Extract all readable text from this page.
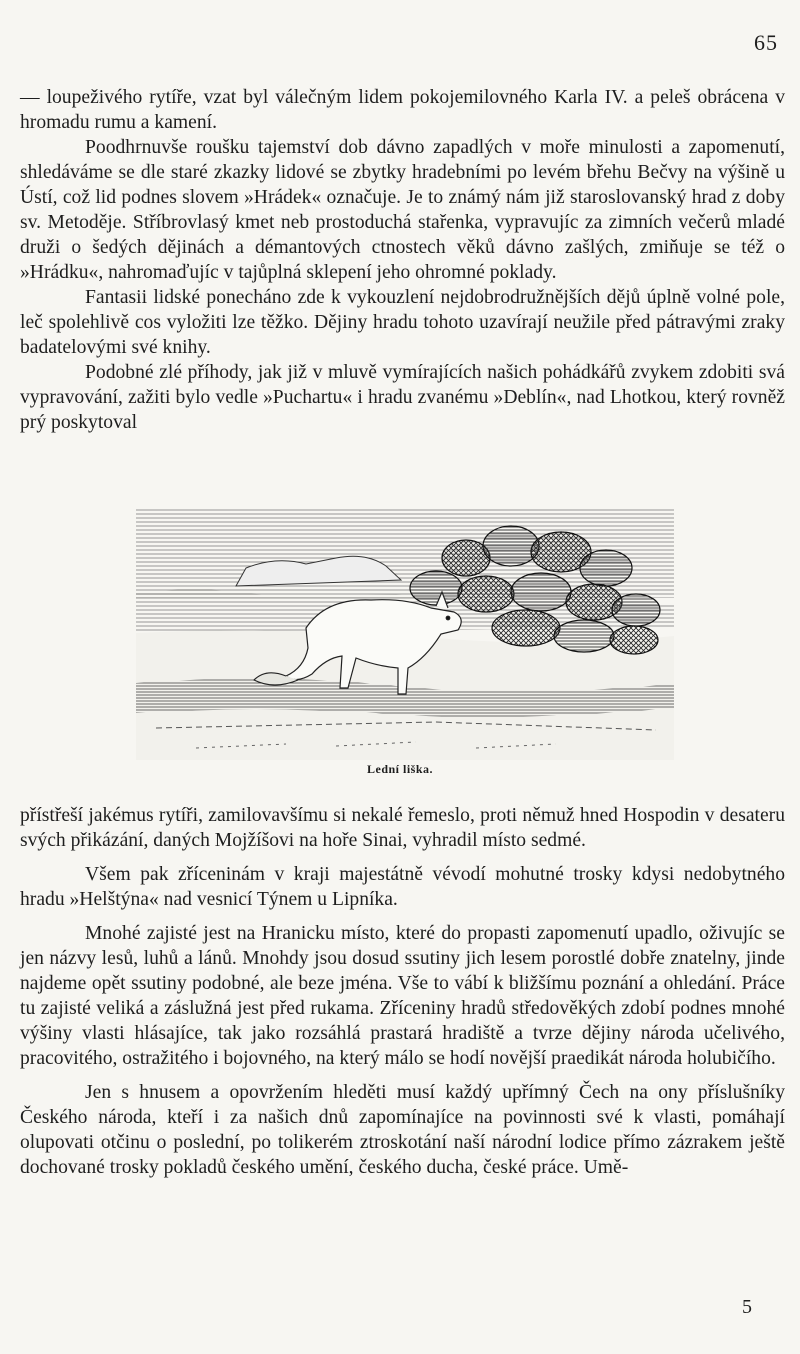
65

— loupeživého rytíře, vzat byl válečným lidem pokojemilovného Karla IV. a peleš obrácena v hromadu rumu a kamení.

Poodhrnuvše roušku tajemství dob dávno zapadlých v moře minulosti a zapomenutí, shledáváme se dle staré zkazky lidové se zbytky hradebními po levém břehu Bečvy na výšině u Ústí, což lid podnes slovem »Hrádek« označuje. Je to známý nám již staroslovanský hrad z doby sv. Metoděje. Stříbrovlasý kmet neb prostoduchá stařenka, vypravujíc za zimních večerů mladé druži o šedých dějinách a démantových ctnostech věků dávno zašlých, zmiňuje se též o »Hrádku«, nahromaďujíc v tajůplná sklepení jeho ohromné poklady.

Fantasii lidské ponecháno zde k vykouzlení nejdobrodružnějších dějů úplně volné pole, leč spolehlivě cos vyložiti lze těžko. Dějiny hradu tohoto uzavírají neužile před pátravými zraky badatelovými své knihy.

Podobné zlé příhody, jak již v mluvě vymírajících našich pohádkářů zvykem zdobiti svá vypravování, zažiti bylo vedle »Puchartu« i hradu zvanému »Deblín«, nad Lhotkou, který rovněž prý poskytoval

Lední liška.

přístřeší jakémus rytíři, zamilovavšímu si nekalé řemeslo, proti němuž hned Hospodin v desateru svých přikázání, daných Mojžíšovi na hoře Sinai, vyhradil místo sedmé.

Všem pak zříceninám v kraji majestátně vévodí mohutné trosky kdysi nedobytného hradu »Helštýna« nad vesnicí Týnem u Lipníka.

Mnohé zajisté jest na Hranicku místo, které do propasti zapomenutí upadlo, oživujíc se jen názvy lesů, luhů a lánů. Mnohdy jsou dosud ssutiny jich lesem porostlé dobře znatelny, jinde najdeme opět ssutiny podobné, ale beze jména. Vše to vábí k bližšímu poznání a ohledání. Práce tu zajisté veliká a záslužná jest před rukama. Zříceniny hradů středověkých zdobí podnes mnohé výšiny vlasti hlásajíce, tak jako rozsáhlá prastará hradiště a tvrze dějiny národa učelivého, pracovitého, ostražitého i bojovného, na který málo se hodí novější praedikát národa holubičího.

Jen s hnusem a opovržením hleděti musí každý upřímný Čech na ony příslušníky Českého národa, kteří i za našich dnů zapomínajíce na povinnosti své k vlasti, pomáhají olupovati otčinu o poslední, po tolikerém ztroskotání naší národní lodice přímo zázrakem ještě dochované trosky pokladů českého umění, českého ducha, české práce. Umě-

5
